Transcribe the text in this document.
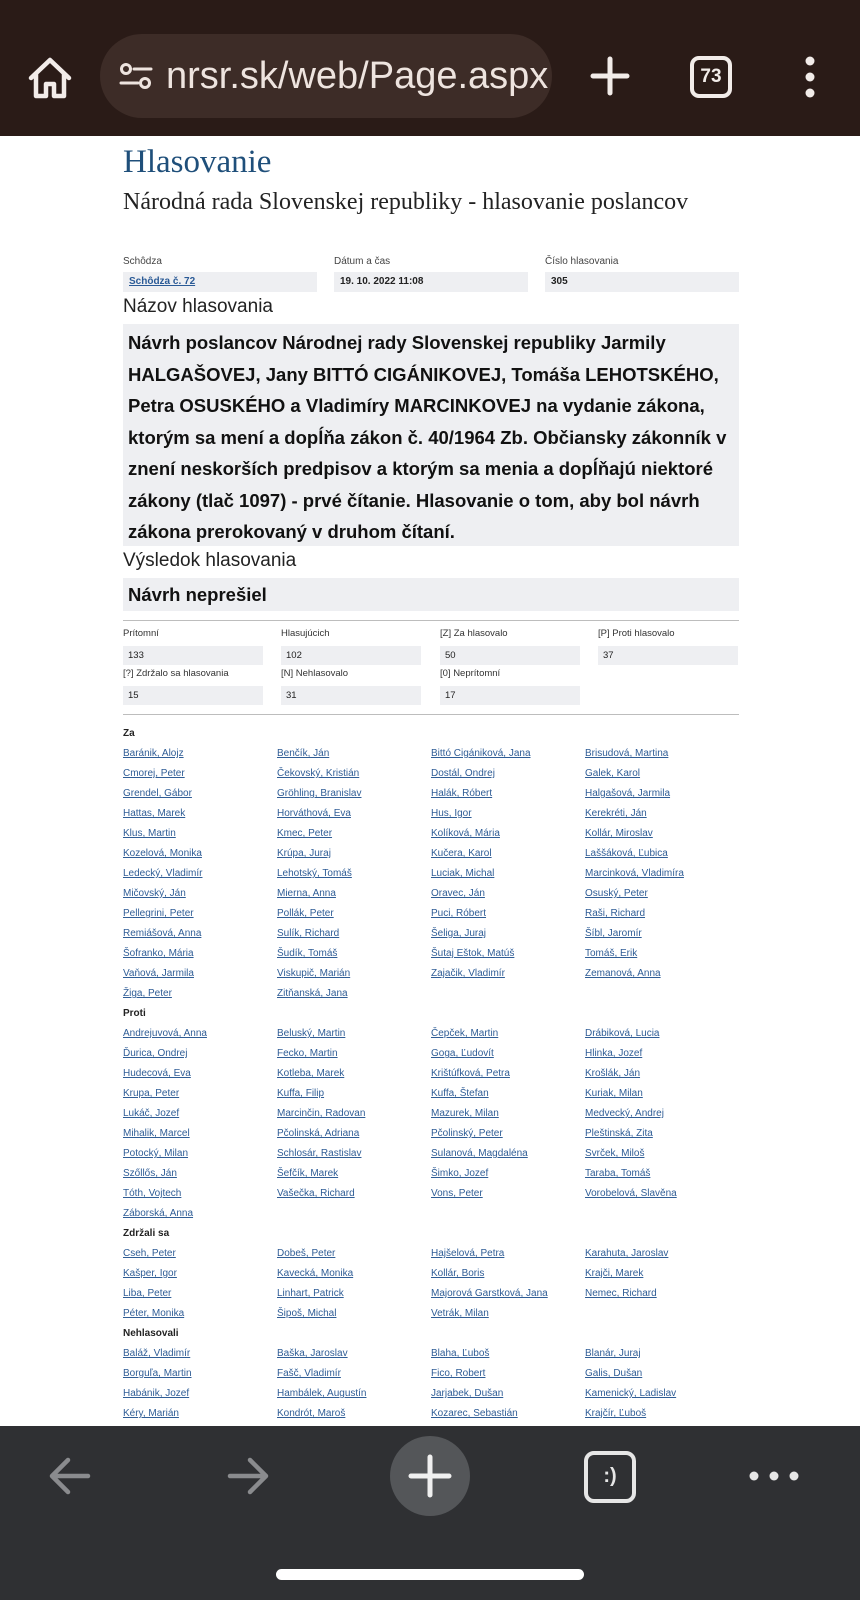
nrsr.sk/web/Page.aspx	73
Hlasovanie
Národná rada Slovenskej republiky - hlasovanie poslancov
Schôdza
Schôdza č. 72
Dátum a čas
19. 10. 2022 11:08
Číslo hlasovania
305
Názov hlasovania
Návrh poslancov Národnej rady Slovenskej republiky Jarmily HALGAŠOVEJ, Jany BITTÓ CIGÁNIKOVEJ, Tomáša LEHOTSKÉHO, Petra OSUSKÉHO a Vladimíry MARCINKOVEJ na vydanie zákona, ktorým sa mení a dopĺňa zákon č. 40/1964 Zb. Občiansky zákonník v znení neskorších predpisov a ktorým sa menia a dopĺňajú niektoré zákony (tlač 1097) - prvé čítanie. Hlasovanie o tom, aby bol návrh zákona prerokovaný v druhom čítaní.
Výsledok hlasovania
Návrh neprešiel
Prítomní
133
Hlasujúcich
102
[Z] Za hlasovalo
50
[P] Proti hlasovalo
37
[?] Zdržalo sa hlasovania
15
[N] Nehlasovalo
31
[0] Neprítomní
17
Za
Baránik, Alojz	Benčík, Ján	Bittó Cigániková, Jana	Brisudová, Martina
Cmorej, Peter	Čekovský, Kristián	Dostál, Ondrej	Galek, Karol
Grendel, Gábor	Gröhling, Branislav	Halák, Róbert	Halgašová, Jarmila
Hattas, Marek	Horváthová, Eva	Hus, Igor	Kerekréti, Ján
Klus, Martin	Kmec, Peter	Kolíková, Mária	Kollár, Miroslav
Kozelová, Monika	Krúpa, Juraj	Kučera, Karol	Laššáková, Ľubica
Ledecký, Vladimír	Lehotský, Tomáš	Luciak, Michal	Marcinková, Vladimíra
Mičovský, Ján	Mierna, Anna	Oravec, Ján	Osuský, Peter
Pellegrini, Peter	Pollák, Peter	Puci, Róbert	Raši, Richard
Remiášová, Anna	Sulík, Richard	Šeliga, Juraj	Šíbl, Jaromír
Šofranko, Mária	Šudík, Tomáš	Šutaj Eštok, Matúš	Tomáš, Erik
Vaňová, Jarmila	Viskupič, Marián	Zajačik, Vladimír	Zemanová, Anna
Žiga, Peter	Zitňanská, Jana
Proti
Andrejuvová, Anna	Beluský, Martin	Čepček, Martin	Drábiková, Lucia
Ďurica, Ondrej	Fecko, Martin	Goga, Ľudovít	Hlinka, Jozef
Hudecová, Eva	Kotleba, Marek	Krištúfková, Petra	Krošlák, Ján
Krupa, Peter	Kuffa, Filip	Kuffa, Štefan	Kuriak, Milan
Lukáč, Jozef	Marcinčin, Radovan	Mazurek, Milan	Medvecký, Andrej
Mihalik, Marcel	Pčolinská, Adriana	Pčolinský, Peter	Pleštinská, Zita
Potocký, Milan	Schlosár, Rastislav	Sulanová, Magdaléna	Svrček, Miloš
Szőllős, Ján	Šefčík, Marek	Šimko, Jozef	Taraba, Tomáš
Tóth, Vojtech	Vašečka, Richard	Vons, Peter	Vorobelová, Slavěna
Záborská, Anna
Zdržali sa
Cseh, Peter	Dobeš, Peter	Hajšelová, Petra	Karahuta, Jaroslav
Kašper, Igor	Kavecká, Monika	Kollár, Boris	Krajči, Marek
Liba, Peter	Linhart, Patrick	Majorová Garstková, Jana	Nemec, Richard
Péter, Monika	Šipoš, Michal	Vetrák, Milan
Nehlasovali
Baláž, Vladimír	Baška, Jaroslav	Blaha, Ľuboš	Blanár, Juraj
Borguľa, Martin	Fašč, Vladimír	Fico, Robert	Galis, Dušan
Habánik, Jozef	Hambálek, Augustín	Jarjabek, Dušan	Kamenický, Ladislav
Kéry, Marián	Kondrót, Maroš	Kozarec, Sebastián	Krajčír, Ľuboš
:)
